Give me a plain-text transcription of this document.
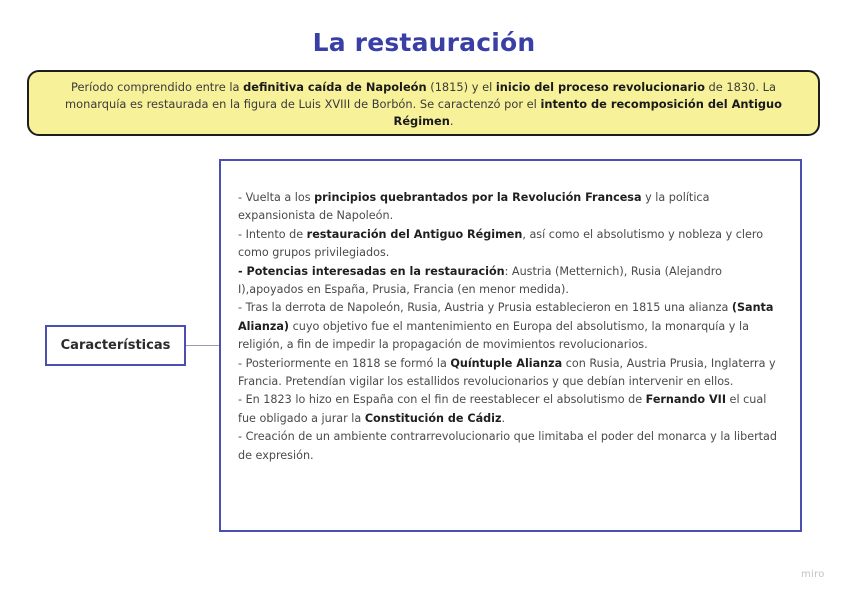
La restauración
Período comprendido entre la definitiva caída de Napoleón (1815) y el inicio del proceso revolucionario de 1830. La monarquía es restaurada en la figura de Luis XVIII de Borbón. Se caractenzó por el intento de recomposición del Antiguo Régimen.
Características

- Vuelta a los principios quebrantados por la Revolución Francesa y la política expansionista de Napoleón.

- Intento de restauración del Antiguo Régimen, así como el absolutismo y nobleza y clero como grupos privilegiados.

- Potencias interesadas en la restauración: Austria (Metternich), Rusia (Alejandro I),apoyados en España, Prusia, Francia (en menor medida).

- Tras la derrota de Napoleón, Rusia, Austria y Prusia establecieron en 1815 una alianza (Santa Alianza) cuyo objetivo fue el mantenimiento en Europa del absolutismo, la monarquía y la religión, a fin de impedir la propagación de movimientos revolucionarios.

- Posteriormente en 1818 se formó la Quíntuple Alianza con Rusia, Austria Prusia, Inglaterra y Francia. Pretendían vigilar los estallidos revolucionarios y que debían intervenir en ellos.

- En 1823 lo hizo en España con el fin de reestablecer el absolutismo de Fernando VII el cual fue obligado a jurar la Constitución de Cádiz.

- Creación de un ambiente contrarrevolucionario que limitaba el poder del monarca y la libertad de expresión.

miro
